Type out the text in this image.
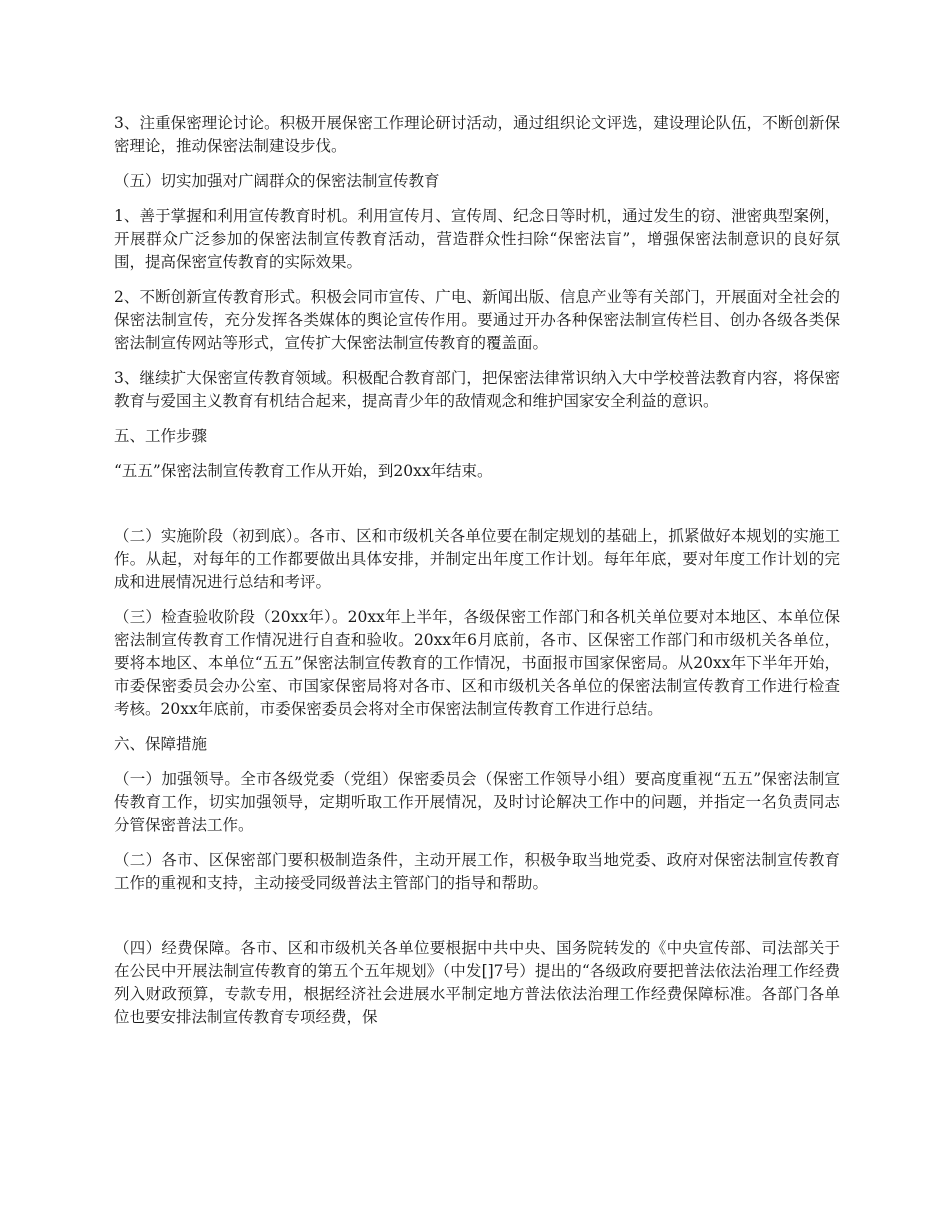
3、注重保密理论讨论。积极开展保密工作理论研讨活动，通过组织论文评选，建设理论队伍，不断创新保密理论，推动保密法制建设步伐。

（五）切实加强对广阔群众的保密法制宣传教育

1、善于掌握和利用宣传教育时机。利用宣传月、宣传周、纪念日等时机，通过发生的窃、泄密典型案例，开展群众广泛参加的保密法制宣传教育活动，营造群众性扫除“保密法盲”，增强保密法制意识的良好氛围，提高保密宣传教育的实际效果。

2、不断创新宣传教育形式。积极会同市宣传、广电、新闻出版、信息产业等有关部门，开展面对全社会的保密法制宣传，充分发挥各类媒体的舆论宣传作用。要通过开办各种保密法制宣传栏目、创办各级各类保密法制宣传网站等形式，宣传扩大保密法制宣传教育的覆盖面。

3、继续扩大保密宣传教育领域。积极配合教育部门，把保密法律常识纳入大中学校普法教育内容，将保密教育与爱国主义教育有机结合起来，提高青少年的敌情观念和维护国家安全利益的意识。

五、工作步骤

“五五”保密法制宣传教育工作从开始，到20xx年结束。

（二）实施阶段（初到底）。各市、区和市级机关各单位要在制定规划的基础上，抓紧做好本规划的实施工作。从起，对每年的工作都要做出具体安排，并制定出年度工作计划。每年年底，要对年度工作计划的完成和进展情况进行总结和考评。

（三）检查验收阶段（20xx年）。20xx年上半年，各级保密工作部门和各机关单位要对本地区、本单位保密法制宣传教育工作情况进行自查和验收。20xx年6月底前，各市、区保密工作部门和市级机关各单位，要将本地区、本单位“五五”保密法制宣传教育的工作情况，书面报市国家保密局。从20xx年下半年开始，市委保密委员会办公室、市国家保密局将对各市、区和市级机关各单位的保密法制宣传教育工作进行检查考核。20xx年底前，市委保密委员会将对全市保密法制宣传教育工作进行总结。

六、保障措施

（一）加强领导。全市各级党委（党组）保密委员会（保密工作领导小组）要高度重视“五五”保密法制宣传教育工作，切实加强领导，定期听取工作开展情况，及时讨论解决工作中的问题，并指定一名负责同志分管保密普法工作。

（二）各市、区保密部门要积极制造条件，主动开展工作，积极争取当地党委、政府对保密法制宣传教育工作的重视和支持，主动接受同级普法主管部门的指导和帮助。

（四）经费保障。各市、区和市级机关各单位要根据中共中央、国务院转发的《中央宣传部、司法部关于在公民中开展法制宣传教育的第五个五年规划》（中发[]7号）提出的“各级政府要把普法依法治理工作经费列入财政预算，专款专用，根据经济社会进展水平制定地方普法依法治理工作经费保障标准。各部门各单位也要安排法制宣传教育专项经费，保
